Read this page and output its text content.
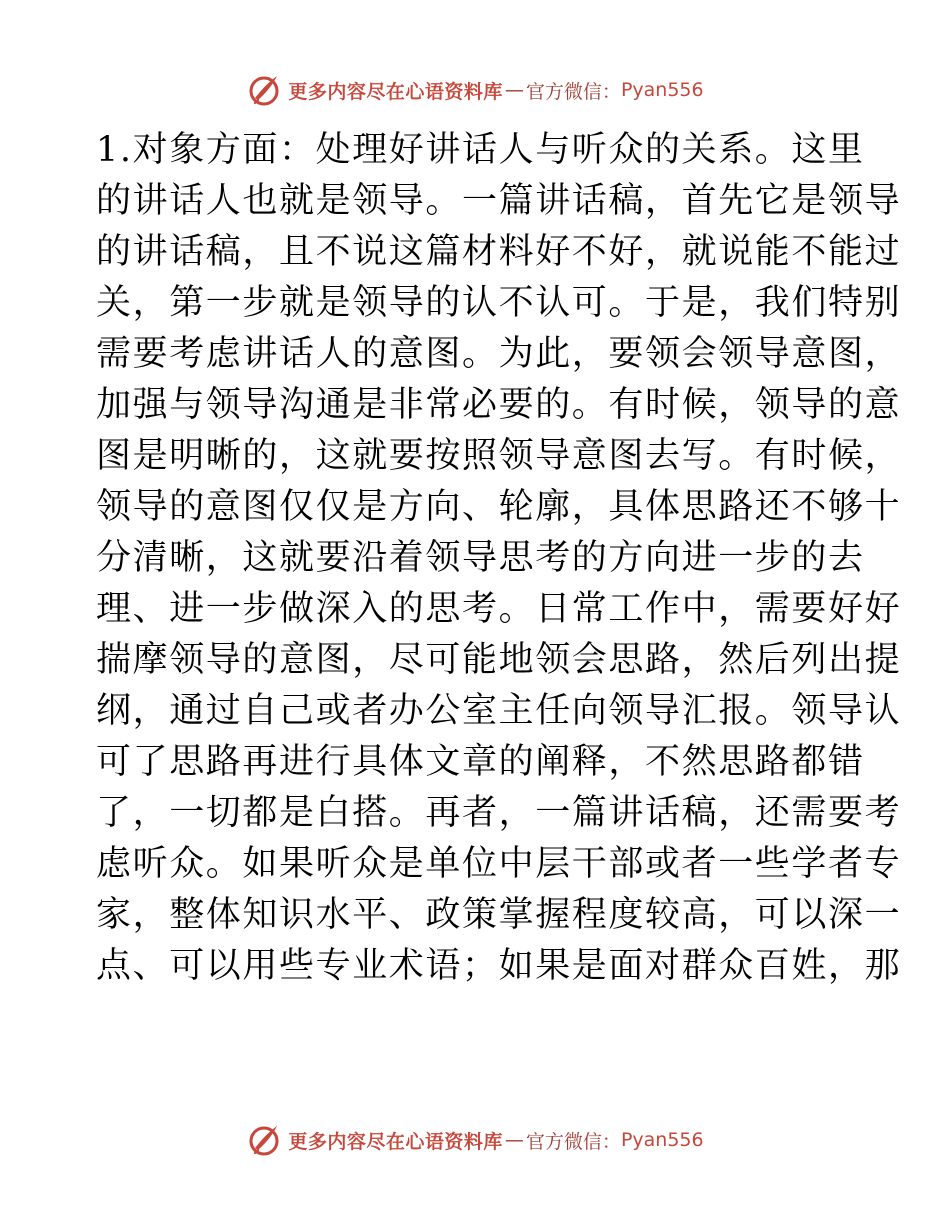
更多内容尽在心语资料库 — 官方微信： Pyan556
1.对象方面：处理好讲话人与听众的关系。这里
的讲话人也就是领导。一篇讲话稿，首先它是领导
的讲话稿，且不说这篇材料好不好，就说能不能过
关，第一步就是领导的认不认可。于是，我们特别
需要考虑讲话人的意图。为此，要领会领导意图，
加强与领导沟通是非常必要的。有时候，领导的意
图是明晰的，这就要按照领导意图去写。有时候，
领导的意图仅仅是方向、轮廓，具体思路还不够十
分清晰，这就要沿着领导思考的方向进一步的去
理、进一步做深入的思考。日常工作中，需要好好
揣摩领导的意图，尽可能地领会思路，然后列出提
纲，通过自己或者办公室主任向领导汇报。领导认
可了思路再进行具体文章的阐释，不然思路都错
了，一切都是白搭。再者，一篇讲话稿，还需要考
虑听众。如果听众是单位中层干部或者一些学者专
家，整体知识水平、政策掌握程度较高，可以深一
点、可以用些专业术语；如果是面对群众百姓，那
更多内容尽在心语资料库 — 官方微信： Pyan556
